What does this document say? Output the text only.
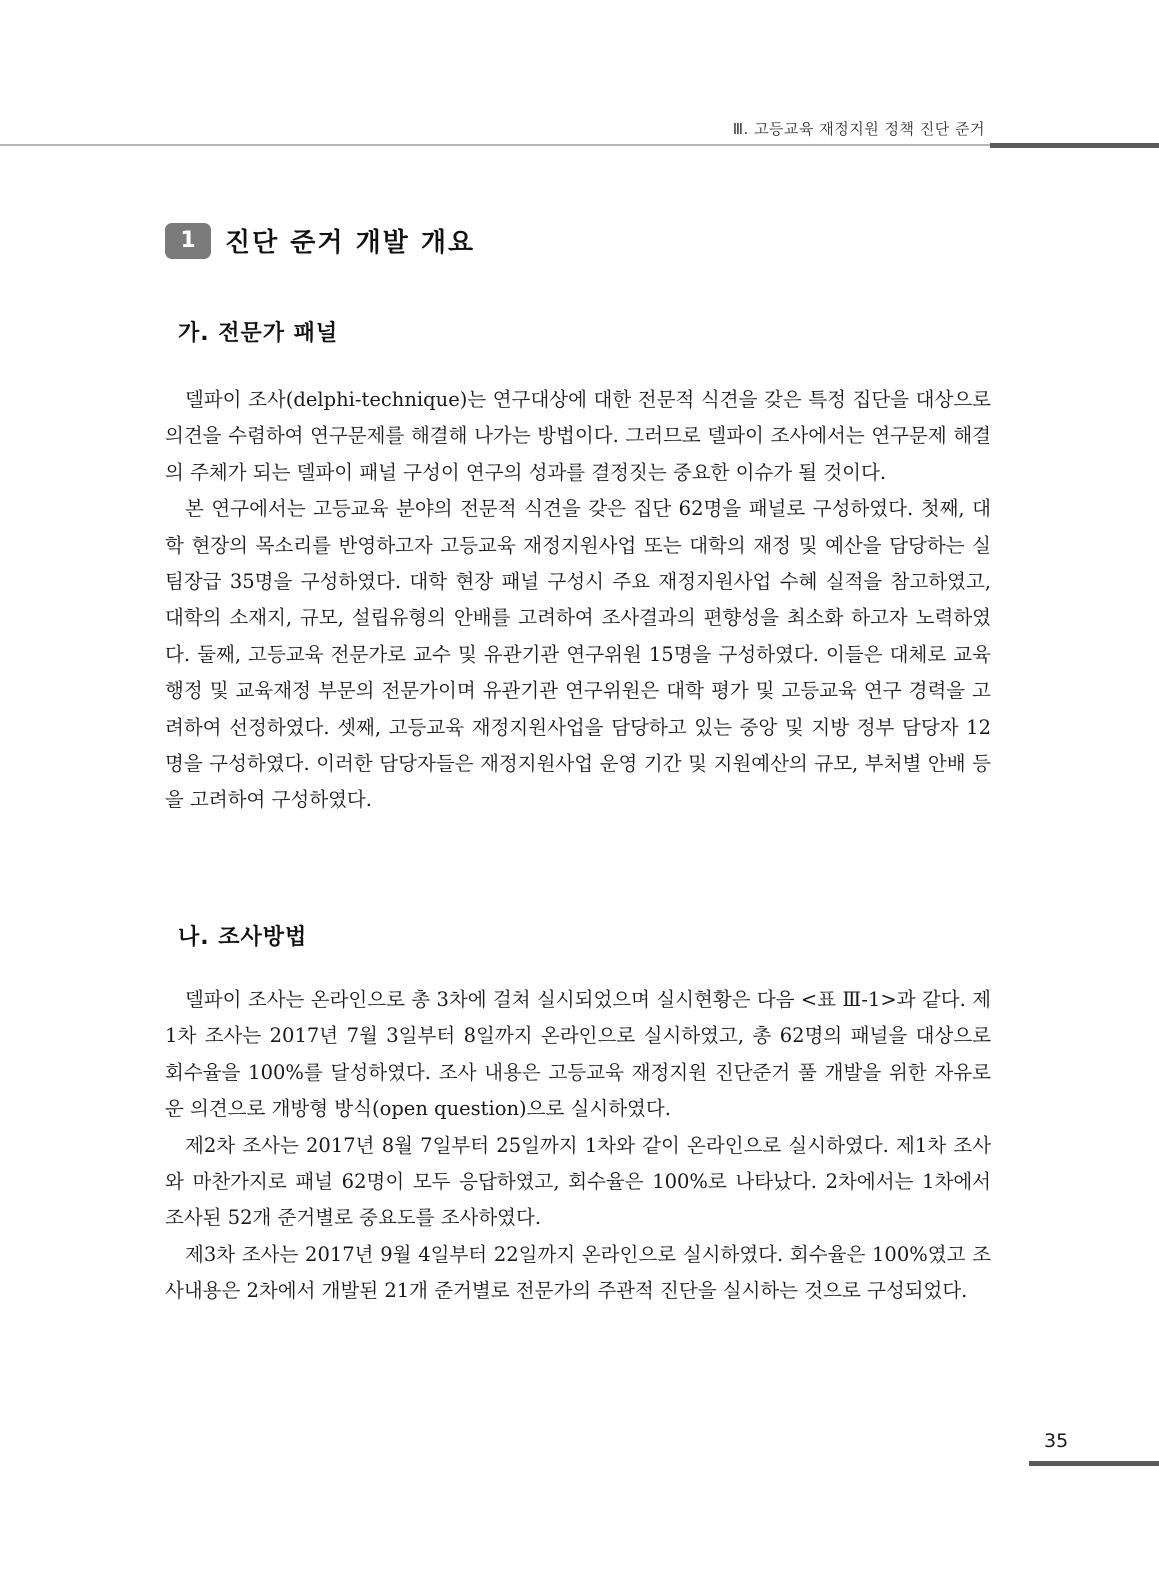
Ⅲ. 고등교육 재정지원 정책 진단 준거
1	진단 준거 개발 개요
가. 전문가 패널

델파이 조사(delphi-technique)는 연구대상에 대한 전문적 식견을 갖은 특정 집단을 대상으로 의견을 수렴하여 연구문제를 해결해 나가는 방법이다. 그러므로 델파이 조사에서는 연구문제 해결의 주체가 되는 델파이 패널 구성이 연구의 성과를 결정짓는 중요한 이슈가 될 것이다.

본 연구에서는 고등교육 분야의 전문적 식견을 갖은 집단 62명을 패널로 구성하였다. 첫째, 대학 현장의 목소리를 반영하고자 고등교육 재정지원사업 또는 대학의 재정 및 예산을 담당하는 실팀장급 35명을 구성하였다. 대학 현장 패널 구성시 주요 재정지원사업 수혜 실적을 참고하였고, 대학의 소재지, 규모, 설립유형의 안배를 고려하여 조사결과의 편향성을 최소화 하고자 노력하였다. 둘째, 고등교육 전문가로 교수 및 유관기관 연구위원 15명을 구성하였다. 이들은 대체로 교육행정 및 교육재정 부문의 전문가이며 유관기관 연구위원은 대학 평가 및 고등교육 연구 경력을 고려하여 선정하였다. 셋째, 고등교육 재정지원사업을 담당하고 있는 중앙 및 지방 정부 담당자 12명을 구성하였다. 이러한 담당자들은 재정지원사업 운영 기간 및 지원예산의 규모, 부처별 안배 등을 고려하여 구성하였다.

나. 조사방법

델파이 조사는 온라인으로 총 3차에 걸쳐 실시되었으며 실시현황은 다음 <표 Ⅲ-1>과 같다. 제1차 조사는 2017년 7월 3일부터 8일까지 온라인으로 실시하였고, 총 62명의 패널을 대상으로 회수율을 100%를 달성하였다. 조사 내용은 고등교육 재정지원 진단준거 풀 개발을 위한 자유로운 의견으로 개방형 방식(open question)으로 실시하였다.

제2차 조사는 2017년 8월 7일부터 25일까지 1차와 같이 온라인으로 실시하였다. 제1차 조사와 마찬가지로 패널 62명이 모두 응답하였고, 회수율은 100%로 나타났다. 2차에서는 1차에서 조사된 52개 준거별로 중요도를 조사하였다.

제3차 조사는 2017년 9월 4일부터 22일까지 온라인으로 실시하였다. 회수율은 100%였고 조사내용은 2차에서 개발된 21개 준거별로 전문가의 주관적 진단을 실시하는 것으로 구성되었다.

35
